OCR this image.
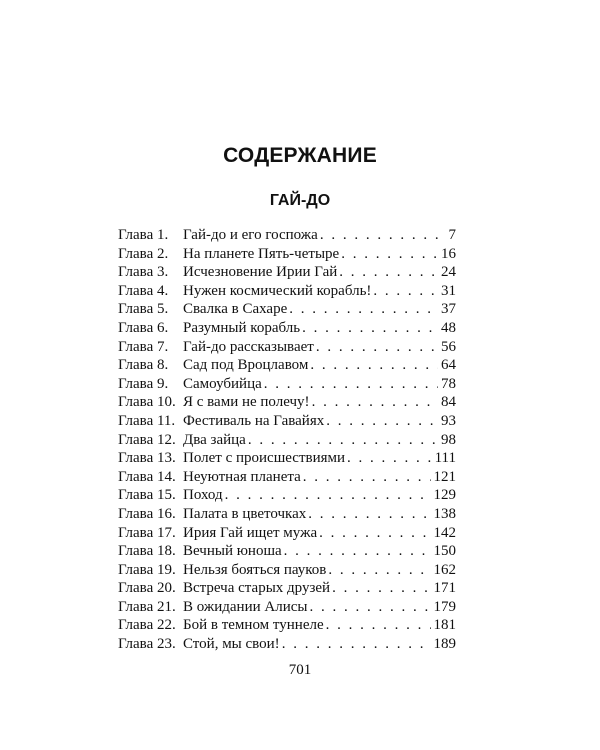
СОДЕРЖАНИЕ
ГАЙ-ДО
Глава 1. Гай-до и его госпожа . . .	7
Глава 2. На планете Пять-четыре . . .	16
Глава 3. Исчезновение Ирии Гай . . .	24
Глава 4. Нужен космический корабль! . . .	31
Глава 5. Свалка в Сахаре . . .	37
Глава 6. Разумный корабль . . .	48
Глава 7. Гай-до рассказывает . . .	56
Глава 8. Сад под Вроцлавом . . .	64
Глава 9. Самоубийца . . .	78
Глава 10. Я с вами не полечу! . . .	84
Глава 11. Фестиваль на Гавайях . . .	93
Глава 12. Два зайца . . .	98
Глава 13. Полет с происшествиями . . .	111
Глава 14. Неуютная планета . . .	121
Глава 15. Поход . . .	129
Глава 16. Палата в цветочках . . .	138
Глава 17. Ирия Гай ищет мужа . . .	142
Глава 18. Вечный юноша . . .	150
Глава 19. Нельзя бояться пауков . . .	162
Глава 20. Встреча старых друзей . . .	171
Глава 21. В ожидании Алисы . . .	179
Глава 22. Бой в темном туннеле . . .	181
Глава 23. Стой, мы свои! . . .	189
701
